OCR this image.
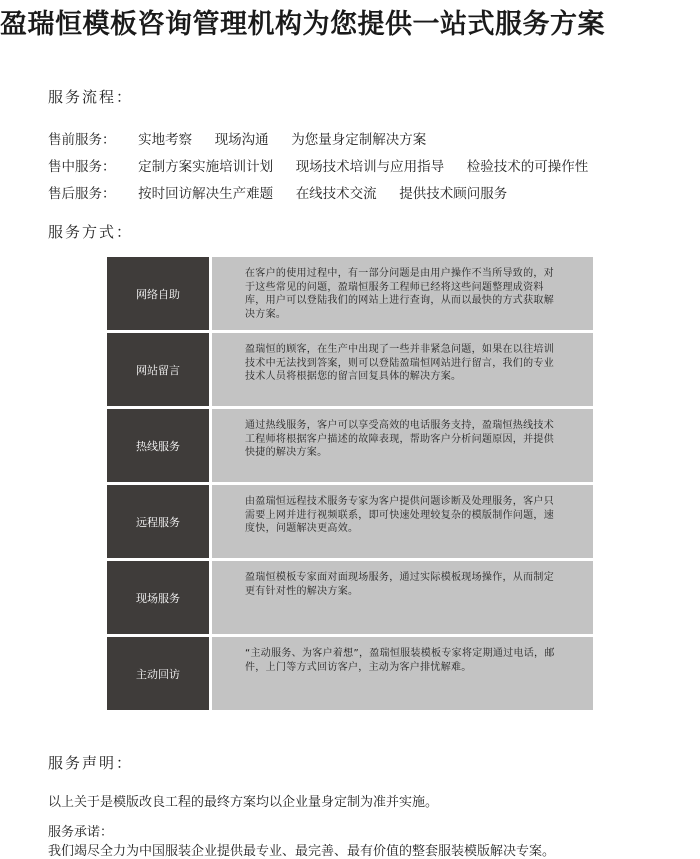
盈瑞恒模板咨询管理机构为您提供一站式服务方案
服务流程：
售前服务： 实地考察 现场沟通 为您量身定制解决方案
售中服务： 定制方案实施培训计划 现场技术培训与应用指导 检验技术的可操作性
售后服务： 按时回访解决生产难题 在线技术交流 提供技术顾问服务
服务方式：
网络自助
在客户的使用过程中，有一部分问题是由用户操作不当所导致的，对于这些常见的问题，盈瑞恒服务工程师已经将这些问题整理成资料库，用户可以登陆我们的网站上进行查询，从而以最快的方式获取解决方案。
网站留言
盈瑞恒的顾客，在生产中出现了一些并非紧急问题，如果在以往培训技术中无法找到答案，则可以登陆盈瑞恒网站进行留言，我们的专业技术人员将根据您的留言回复具体的解决方案。
热线服务
通过热线服务，客户可以享受高效的电话服务支持，盈瑞恒热线技术工程师将根据客户描述的故障表现，帮助客户分析问题原因，并提供快捷的解决方案。
远程服务
由盈瑞恒远程技术服务专家为客户提供问题诊断及处理服务，客户只需要上网并进行视频联系，即可快速处理较复杂的模版制作问题，速度快，问题解决更高效。
现场服务
盈瑞恒模板专家面对面现场服务，通过实际模板现场操作，从而制定更有针对性的解决方案。
主动回访
“主动服务、为客户着想”，盈瑞恒服装模板专家将定期通过电话，邮件，上门等方式回访客户，主动为客户排忧解难。
服务声明：
以上关于是模版改良工程的最终方案均以企业量身定制为准并实施。
服务承诺：
我们竭尽全力为中国服装企业提供最专业、最完善、最有价值的整套服装模版解决专案。
